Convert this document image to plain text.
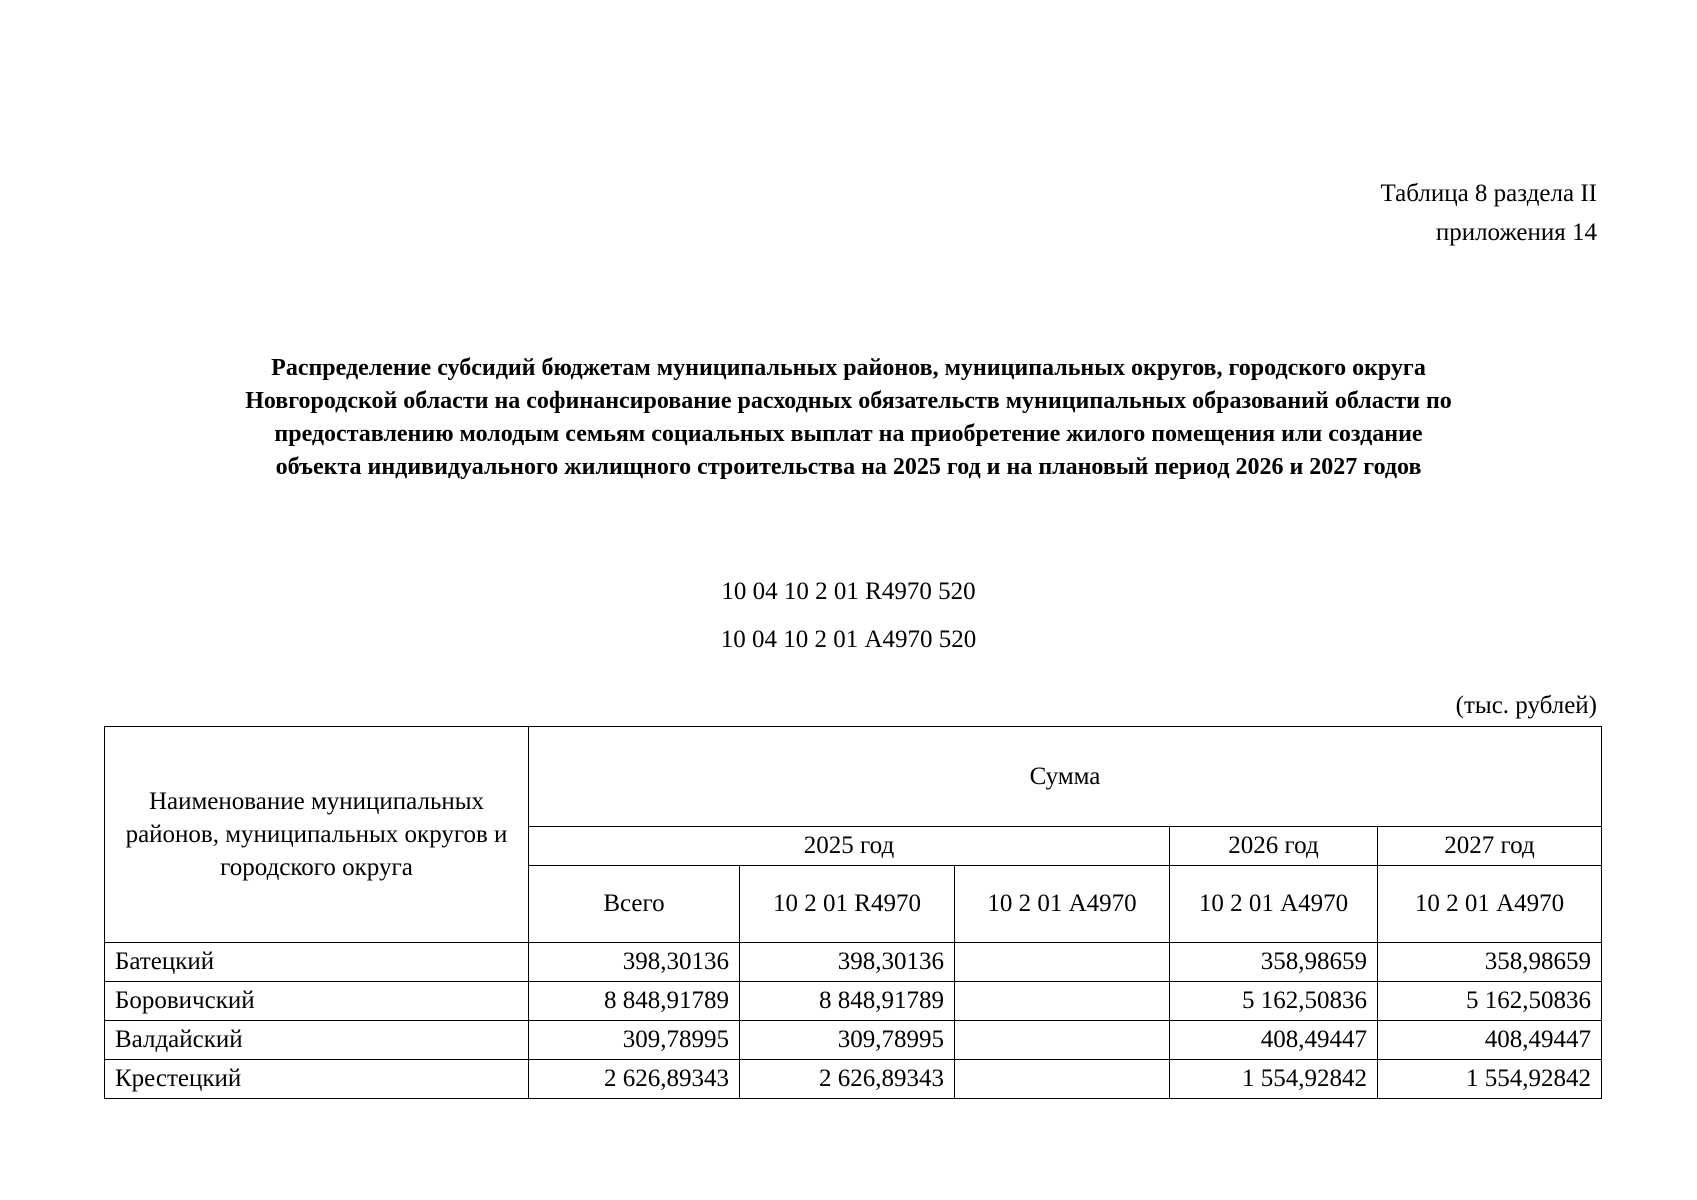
Таблица 8 раздела II
приложения 14
Распределение субсидий бюджетам муниципальных районов, муниципальных округов, городского округа
Новгородской области на софинансирование расходных обязательств муниципальных образований области по
предоставлению молодым семьям социальных выплат на приобретение жилого помещения или создание
объекта индивидуального жилищного строительства на 2025 год и на плановый период 2026 и 2027 годов
10 04 10 2 01 R4970 520
10 04 10 2 01 А4970 520
(тыс. рублей)
Наименование муниципальных районов, муниципальных округов и городского округа	Сумма				
	2025 год			2026 год	2027 год
	Всего	10 2 01 R4970	10 2 01 А4970	10 2 01 А4970	10 2 01 А4970
Батецкий	398,30136	398,30136		358,98659	358,98659
Боровичский	8 848,91789	8 848,91789		5 162,50836	5 162,50836
Валдайский	309,78995	309,78995		408,49447	408,49447
Крестецкий	2 626,89343	2 626,89343		1 554,92842	1 554,92842
